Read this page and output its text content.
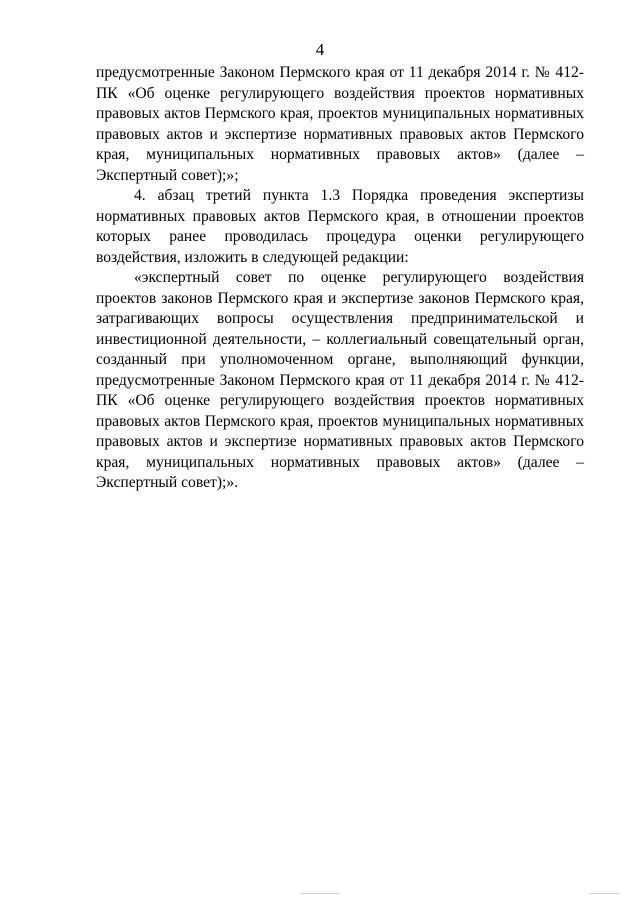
4

предусмотренные Законом Пермского края от 11 декабря 2014 г. № 412-ПК «Об оценке регулирующего воздействия проектов нормативных правовых актов Пермского края, проектов муниципальных нормативных правовых актов и экспертизе нормативных правовых актов Пермского края, муниципальных нормативных правовых актов» (далее – Экспертный совет);»;

4. абзац третий пункта 1.3 Порядка проведения экспертизы нормативных правовых актов Пермского края, в отношении проектов которых ранее проводилась процедура оценки регулирующего воздействия, изложить в следующей редакции:

«экспертный совет по оценке регулирующего воздействия проектов законов Пермского края и экспертизе законов Пермского края, затрагивающих вопросы осуществления предпринимательской и инвестиционной деятельности, – коллегиальный совещательный орган, созданный при уполномоченном органе, выполняющий функции, предусмотренные Законом Пермского края от 11 декабря 2014 г. № 412-ПК «Об оценке регулирующего воздействия проектов нормативных правовых актов Пермского края, проектов муниципальных нормативных правовых актов и экспертизе нормативных правовых актов Пермского края, муниципальных нормативных правовых актов» (далее – Экспертный совет);».
